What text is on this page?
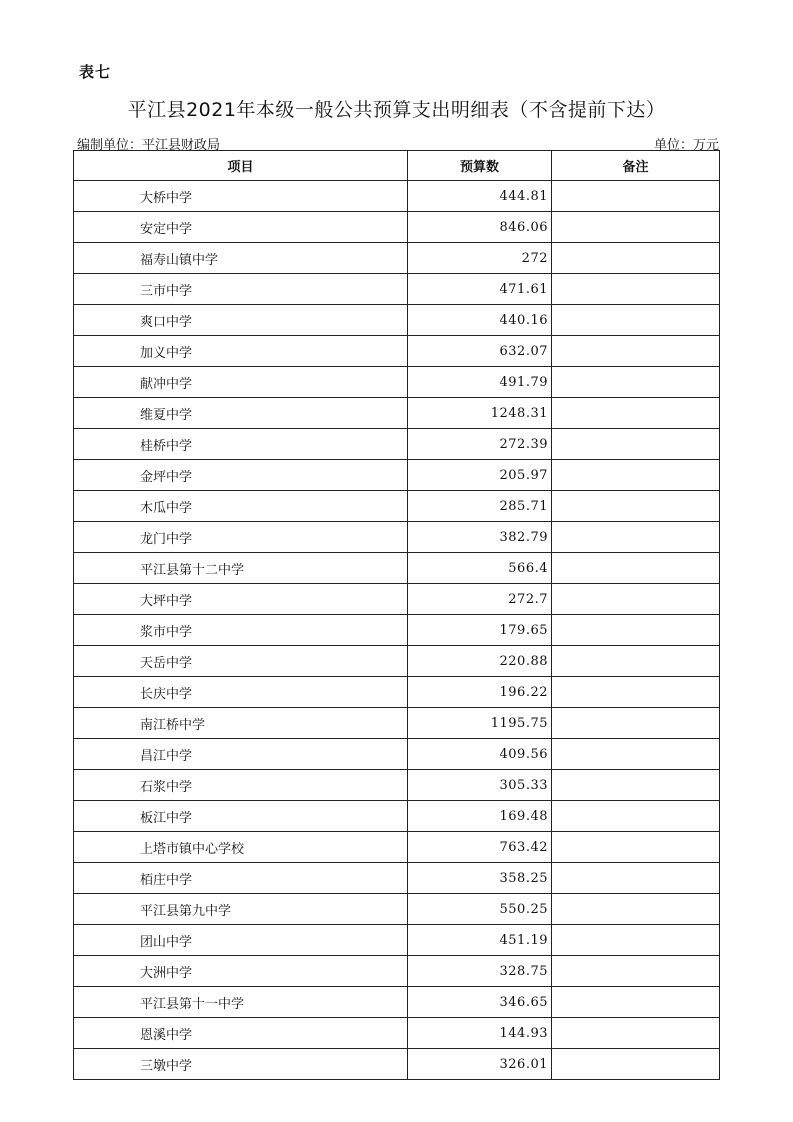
表七
平江县2021年本级一般公共预算支出明细表（不含提前下达）
编制单位：平江县财政局	单位：万元
项目	预算数	备注
大桥中学	444.81	
安定中学	846.06	
福寿山镇中学	272	
三市中学	471.61	
爽口中学	440.16	
加义中学	632.07	
献冲中学	491.79	
维夏中学	1248.31	
桂桥中学	272.39	
金坪中学	205.97	
木瓜中学	285.71	
龙门中学	382.79	
平江县第十二中学	566.4	
大坪中学	272.7	
浆市中学	179.65	
天岳中学	220.88	
长庆中学	196.22	
南江桥中学	1195.75	
昌江中学	409.56	
石浆中学	305.33	
板江中学	169.48	
上塔市镇中心学校	763.42	
栢庄中学	358.25	
平江县第九中学	550.25	
团山中学	451.19	
大洲中学	328.75	
平江县第十一中学	346.65	
恩溪中学	144.93	
三墩中学	326.01	
